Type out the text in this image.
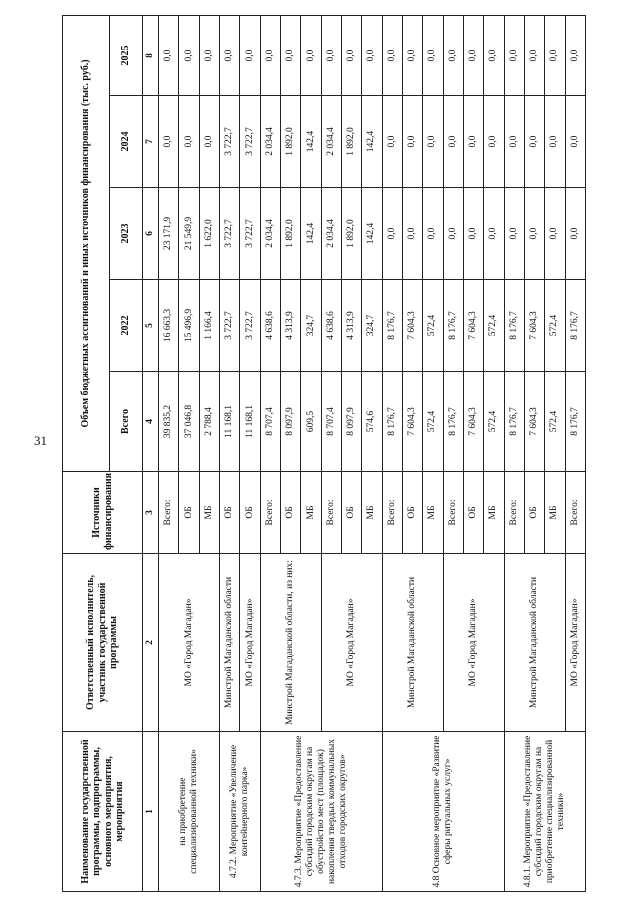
31
Наименование государственной программы, подпрограммы, основного мероприятия, мероприятия	Ответственный исполнитель, участник государственной программы	Источники финансирования	Объем бюджетных ассигнований и иных источников финансирования (тыс. руб.)				
			Всего	2022	2023	2024	2025
1	2	3	4	5	6	7	8
на приобретение специализированной техники»	МО «Город Магадан»	Всего:	39 835,2	16 663,3	23 171,9	0,0	0,0
		ОБ	37 046,8	15 496,9	21 549,9	0,0	0,0
		МБ	2 788,4	1 166,4	1 622,0	0,0	0,0
4.7.2. Мероприятие «Увеличение контейнерного парка»	Минстрой Магаданской области	ОБ	11 168,1	3 722,7	3 722,7	3 722,7	0,0
	МО «Город Магадан»	ОБ	11 168,1	3 722,7	3 722,7	3 722,7	0,0
4.7.3. Мероприятие «Предоставление субсидий городским округам на обустройство мест (площадок) накопления твердых коммунальных отходов городских округов»	Минстрой Магаданской области, из них:	Всего:	8 707,4	4 638,6	2 034,4	2 034,4	0,0
		ОБ	8 097,9	4 313,9	1 892,0	1 892,0	0,0
		МБ	609,5	324,7	142,4	142,4	0,0
	МО «Город Магадан»	Всего:	8 707,4	4 638,6	2 034,4	2 034,4	0,0
		ОБ	8 097,9	4 313,9	1 892,0	1 892,0	0,0
		МБ	574,6	324,7	142,4	142,4	0,0
4.8 Основное мероприятие «Развитие сферы ритуальных услуг»	Минстрой Магаданской области	Всего:	8 176,7	8 176,7	0,0	0,0	0,0
		ОБ	7 604,3	7 604,3	0,0	0,0	0,0
		МБ	572,4	572,4	0,0	0,0	0,0
	МО «Город Магадан»	Всего:	8 176,7	8 176,7	0,0	0,0	0,0
		ОБ	7 604,3	7 604,3	0,0	0,0	0,0
		МБ	572,4	572,4	0,0	0,0	0,0
4.8.1. Мероприятие «Предоставление субсидий городским округам на приобретение специализированной техники»	Минстрой Магаданской области	Всего:	8 176,7	8 176,7	0,0	0,0	0,0
		ОБ	7 604,3	7 604,3	0,0	0,0	0,0
		МБ	572,4	572,4	0,0	0,0	0,0
	МО «Город Магадан»	Всего:	8 176,7	8 176,7	0,0	0,0	0,0
